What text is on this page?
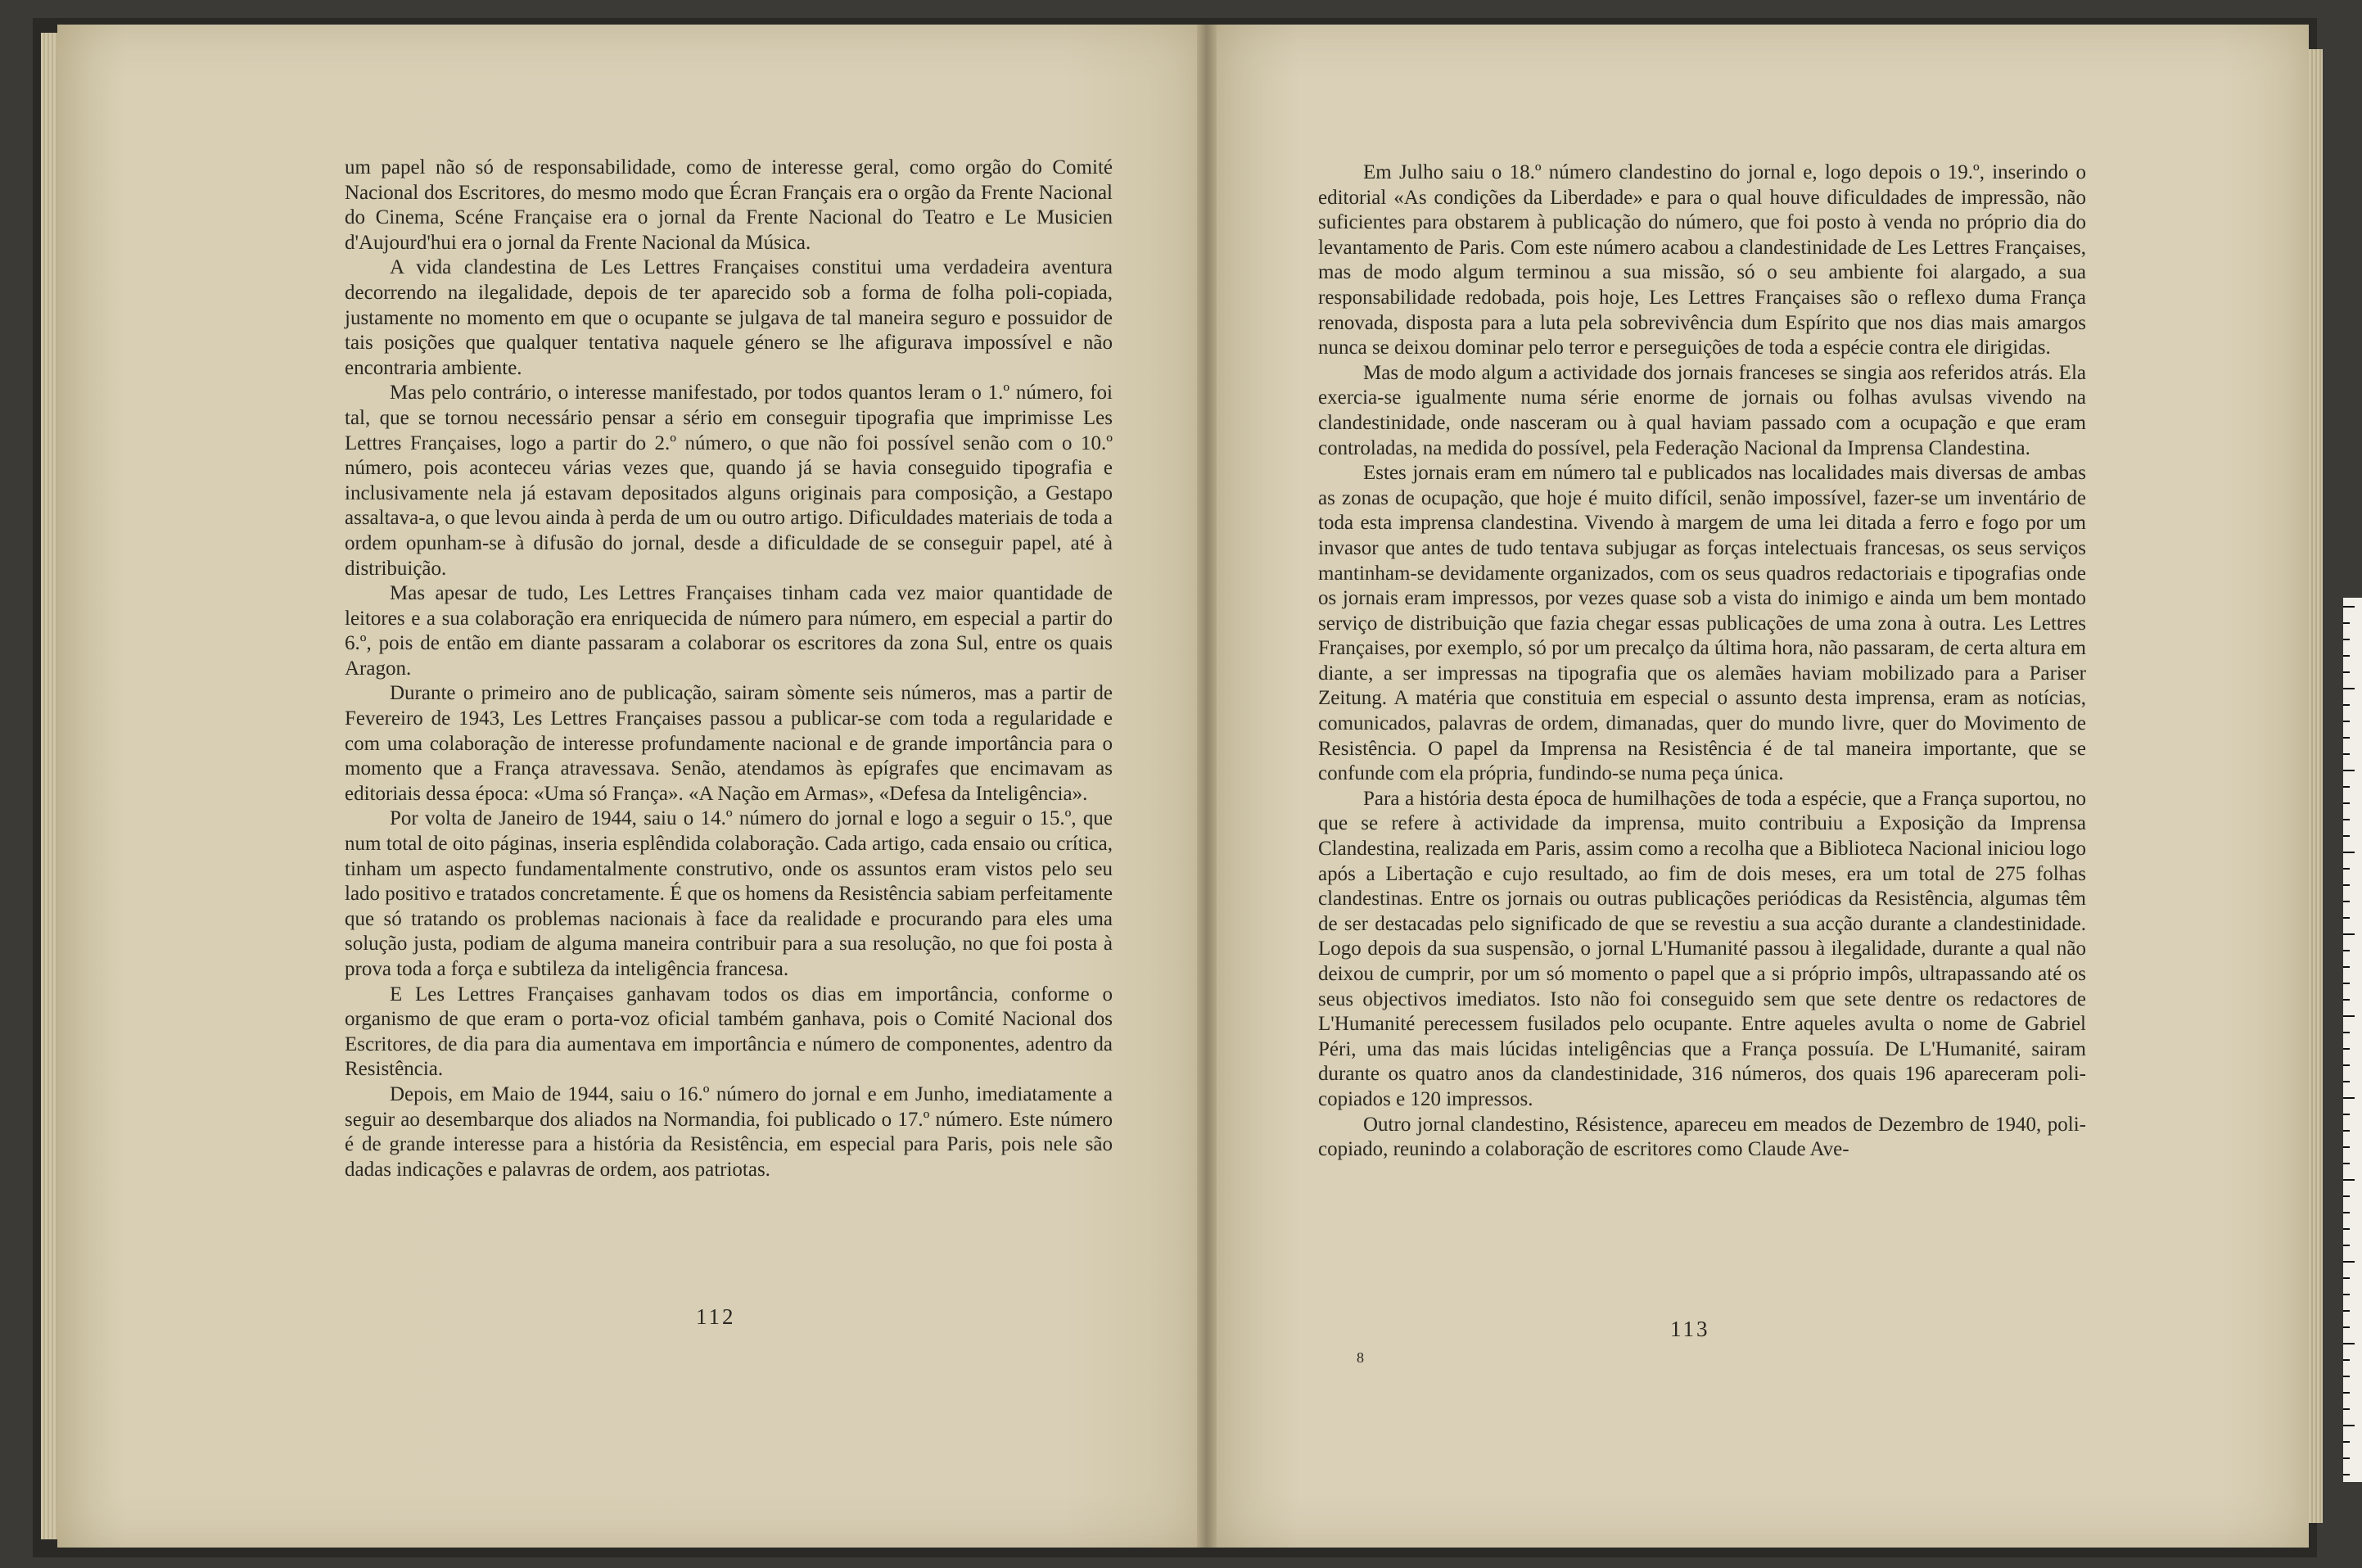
um papel não só de responsabilidade, como de interesse geral, como orgão do Comité Nacional dos Escritores, do mesmo modo que Écran Français era o orgão da Frente Nacional do Cinema, Scéne Française era o jornal da Frente Nacional do Teatro e Le Musicien d'Aujourd'hui era o jornal da Frente Nacional da Música.

A vida clandestina de Les Lettres Françaises constitui uma verdadeira aventura decorrendo na ilegalidade, depois de ter aparecido sob a forma de folha poli-copiada, justamente no momento em que o ocupante se julgava de tal maneira seguro e possuidor de tais posições que qualquer tentativa naquele género se lhe afigurava impossível e não encontraria ambiente.

Mas pelo contrário, o interesse manifestado, por todos quantos leram o 1.º número, foi tal, que se tornou necessário pensar a sério em conseguir tipografia que imprimisse Les Lettres Françaises, logo a partir do 2.º número, o que não foi possível senão com o 10.º número, pois aconteceu várias vezes que, quando já se havia conseguido tipografia e inclusivamente nela já estavam depositados alguns originais para composição, a Gestapo assaltava-a, o que levou ainda à perda de um ou outro artigo. Dificuldades materiais de toda a ordem opunham-se à difusão do jornal, desde a dificuldade de se conseguir papel, até à distribuição.

Mas apesar de tudo, Les Lettres Françaises tinham cada vez maior quantidade de leitores e a sua colaboração era enriquecida de número para número, em especial a partir do 6.º, pois de então em diante passaram a colaborar os escritores da zona Sul, entre os quais Aragon.

Durante o primeiro ano de publicação, sairam sòmente seis números, mas a partir de Fevereiro de 1943, Les Lettres Françaises passou a publicar-se com toda a regularidade e com uma colaboração de interesse profundamente nacional e de grande importância para o momento que a França atravessava. Senão, atendamos às epígrafes que encimavam as editoriais dessa época: «Uma só França». «A Nação em Armas», «Defesa da Inteligência».

Por volta de Janeiro de 1944, saiu o 14.º número do jornal e logo a seguir o 15.º, que num total de oito páginas, inseria esplêndida colaboração. Cada artigo, cada ensaio ou crítica, tinham um aspecto fundamentalmente construtivo, onde os assuntos eram vistos pelo seu lado positivo e tratados concretamente. É que os homens da Resistência sabiam perfeitamente que só tratando os problemas nacionais à face da realidade e procurando para eles uma solução justa, podiam de alguma maneira contribuir para a sua resolução, no que foi posta à prova toda a força e subtileza da inteligência francesa.

E Les Lettres Françaises ganhavam todos os dias em importância, conforme o organismo de que eram o porta-voz oficial também ganhava, pois o Comité Nacional dos Escritores, de dia para dia aumentava em importância e número de componentes, adentro da Resistência.

Depois, em Maio de 1944, saiu o 16.º número do jornal e em Junho, imediatamente a seguir ao desembarque dos aliados na Normandia, foi publicado o 17.º número. Este número é de grande interesse para a história da Resistência, em especial para Paris, pois nele são dadas indicações e palavras de ordem, aos patriotas.

112

Em Julho saiu o 18.º número clandestino do jornal e, logo depois o 19.º, inserindo o editorial «As condições da Liberdade» e para o qual houve dificuldades de impressão, não suficientes para obstarem à publicação do número, que foi posto à venda no próprio dia do levantamento de Paris. Com este número acabou a clandestinidade de Les Lettres Françaises, mas de modo algum terminou a sua missão, só o seu ambiente foi alargado, a sua responsabilidade redobada, pois hoje, Les Lettres Françaises são o reflexo duma França renovada, disposta para a luta pela sobrevivência dum Espírito que nos dias mais amargos nunca se deixou dominar pelo terror e perseguições de toda a espécie contra ele dirigidas.

Mas de modo algum a actividade dos jornais franceses se singia aos referidos atrás. Ela exercia-se igualmente numa série enorme de jornais ou folhas avulsas vivendo na clandestinidade, onde nasceram ou à qual haviam passado com a ocupação e que eram controladas, na medida do possível, pela Federação Nacional da Imprensa Clandestina.

Estes jornais eram em número tal e publicados nas localidades mais diversas de ambas as zonas de ocupação, que hoje é muito difícil, senão impossível, fazer-se um inventário de toda esta imprensa clandestina. Vivendo à margem de uma lei ditada a ferro e fogo por um invasor que antes de tudo tentava subjugar as forças intelectuais francesas, os seus serviços mantinham-se devidamente organizados, com os seus quadros redactoriais e tipografias onde os jornais eram impressos, por vezes quase sob a vista do inimigo e ainda um bem montado serviço de distribuição que fazia chegar essas publicações de uma zona à outra. Les Lettres Françaises, por exemplo, só por um precalço da última hora, não passaram, de certa altura em diante, a ser impressas na tipografia que os alemães haviam mobilizado para a Pariser Zeitung. A matéria que constituia em especial o assunto desta imprensa, eram as notícias, comunicados, palavras de ordem, dimanadas, quer do mundo livre, quer do Movimento de Resistência. O papel da Imprensa na Resistência é de tal maneira importante, que se confunde com ela própria, fundindo-se numa peça única.

Para a história desta época de humilhações de toda a espécie, que a França suportou, no que se refere à actividade da imprensa, muito contribuiu a Exposição da Imprensa Clandestina, realizada em Paris, assim como a recolha que a Biblioteca Nacional iniciou logo após a Libertação e cujo resultado, ao fim de dois meses, era um total de 275 folhas clandestinas. Entre os jornais ou outras publicações periódicas da Resistência, algumas têm de ser destacadas pelo significado de que se revestiu a sua acção durante a clandestinidade. Logo depois da sua suspensão, o jornal L'Humanité passou à ilegalidade, durante a qual não deixou de cumprir, por um só momento o papel que a si próprio impôs, ultrapassando até os seus objectivos imediatos. Isto não foi conseguido sem que sete dentre os redactores de L'Humanité perecessem fusilados pelo ocupante. Entre aqueles avulta o nome de Gabriel Péri, uma das mais lúcidas inteligências que a França possuía. De L'Humanité, sairam durante os quatro anos da clandestinidade, 316 números, dos quais 196 apareceram poli-copiados e 120 impressos.

Outro jornal clandestino, Résistence, apareceu em meados de Dezembro de 1940, poli-copiado, reunindo a colaboração de escritores como Claude Ave-

113
8
